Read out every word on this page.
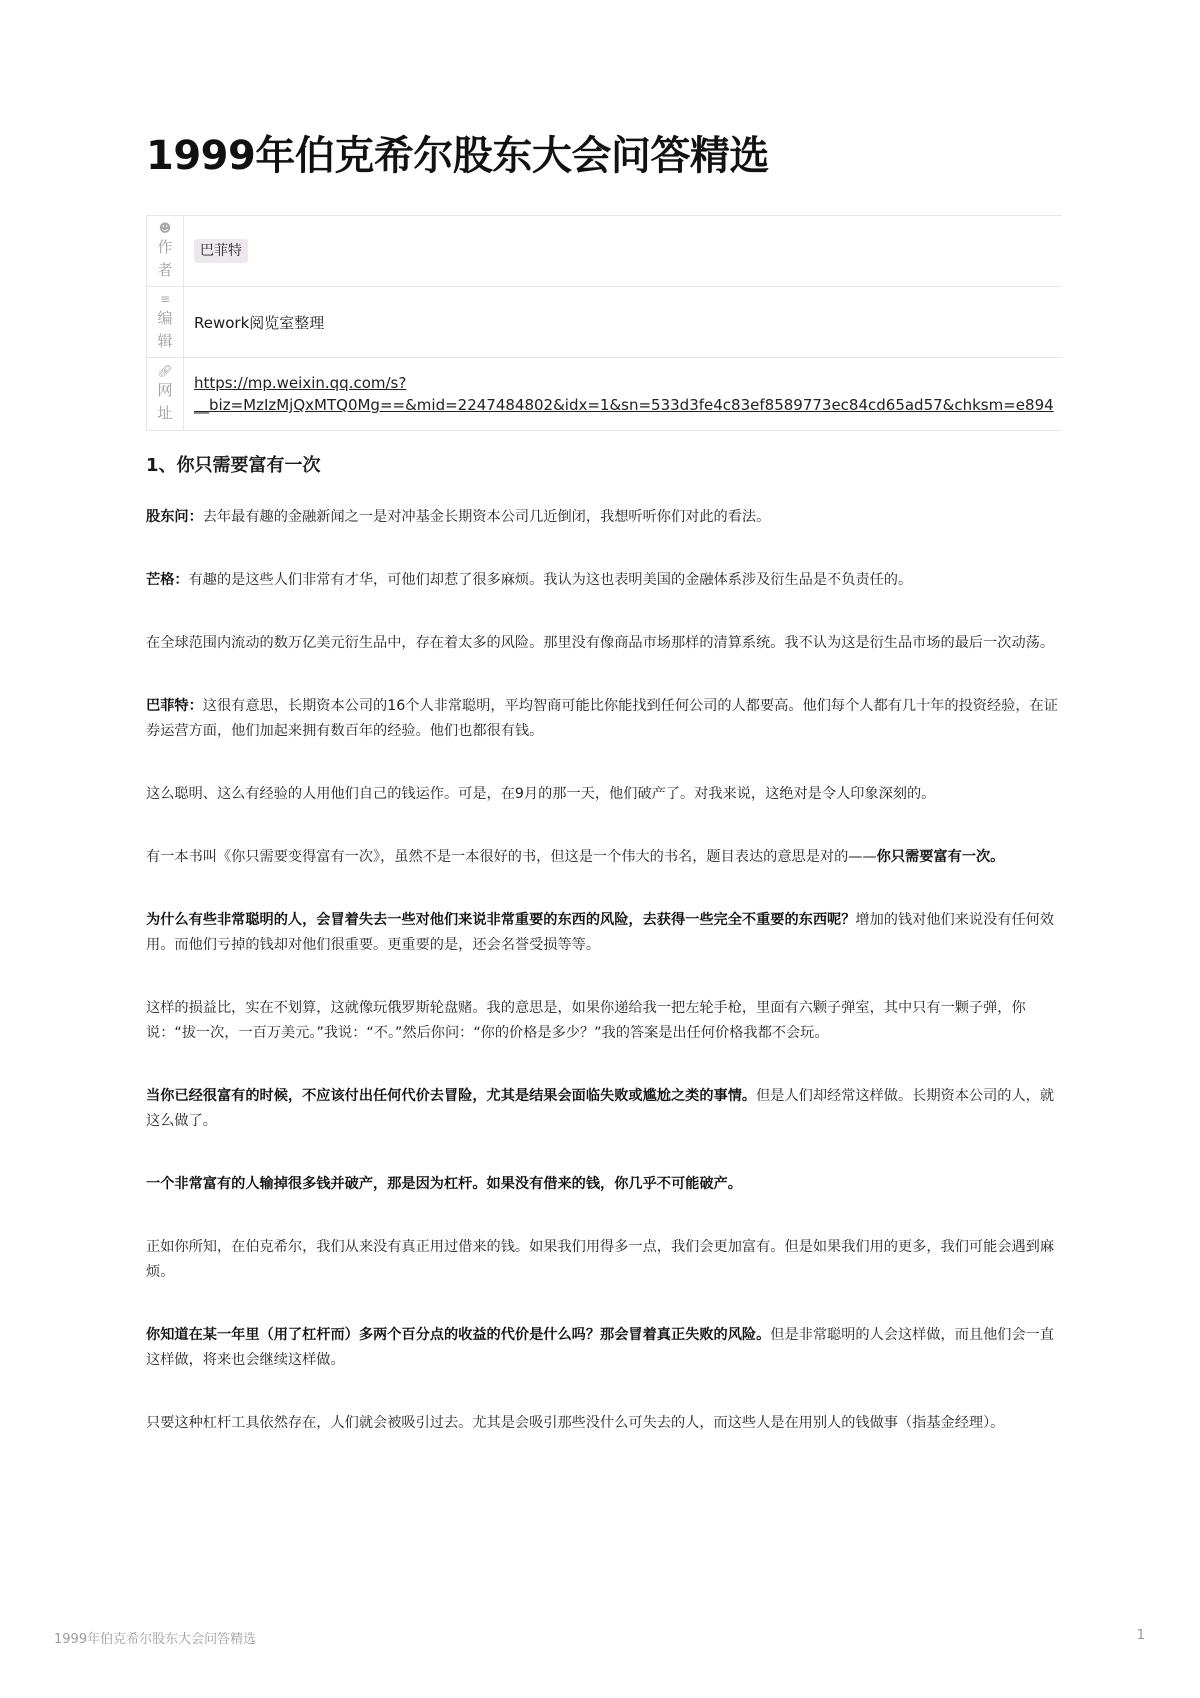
1999年伯克希尔股东大会问答精选
☻
作
者	巴菲特

≡
编
辑	Rework阅览室整理

🔗︎
网
址	https://mp.weixin.qq.com/s?
__biz=MzIzMjQxMTQ0Mg==&mid=2247484802&idx=1&sn=533d3fe4c83ef8589773ec84cd65ad57&chksm=e894
1、你只需要富有一次

股东问：去年最有趣的金融新闻之一是对冲基金长期资本公司几近倒闭，我想听听你们对此的看法。

芒格：有趣的是这些人们非常有才华，可他们却惹了很多麻烦。我认为这也表明美国的金融体系涉及衍生品是不负责任的。

在全球范围内流动的数万亿美元衍生品中，存在着太多的风险。那里没有像商品市场那样的清算系统。我不认为这是衍生品市场的最后一次动荡。

巴菲特：这很有意思，长期资本公司的16个人非常聪明，平均智商可能比你能找到任何公司的人都要高。他们每个人都有几十年的投资经验，在证券运营方面，他们加起来拥有数百年的经验。他们也都很有钱。

这么聪明、这么有经验的人用他们自己的钱运作。可是，在9月的那一天，他们破产了。对我来说，这绝对是令人印象深刻的。

有一本书叫《你只需要变得富有一次》，虽然不是一本很好的书，但这是一个伟大的书名，题目表达的意思是对的——你只需要富有一次。

为什么有些非常聪明的人，会冒着失去一些对他们来说非常重要的东西的风险，去获得一些完全不重要的东西呢？增加的钱对他们来说没有任何效用。而他们亏掉的钱却对他们很重要。更重要的是，还会名誉受损等等。

这样的损益比，实在不划算，这就像玩俄罗斯轮盘赌。我的意思是，如果你递给我一把左轮手枪，里面有六颗子弹室，其中只有一颗子弹，你说：“拔一次，一百万美元。”我说：“不。”然后你问：“你的价格是多少？”我的答案是出任何价格我都不会玩。

当你已经很富有的时候，不应该付出任何代价去冒险，尤其是结果会面临失败或尴尬之类的事情。但是人们却经常这样做。长期资本公司的人，就这么做了。

一个非常富有的人输掉很多钱并破产，那是因为杠杆。如果没有借来的钱，你几乎不可能破产。

正如你所知，在伯克希尔，我们从来没有真正用过借来的钱。如果我们用得多一点，我们会更加富有。但是如果我们用的更多，我们可能会遇到麻烦。

你知道在某一年里（用了杠杆而）多两个百分点的收益的代价是什么吗？那会冒着真正失败的风险。但是非常聪明的人会这样做，而且他们会一直这样做，将来也会继续这样做。

只要这种杠杆工具依然存在，人们就会被吸引过去。尤其是会吸引那些没什么可失去的人，而这些人是在用别人的钱做事（指基金经理）。

1999年伯克希尔股东大会问答精选	1
